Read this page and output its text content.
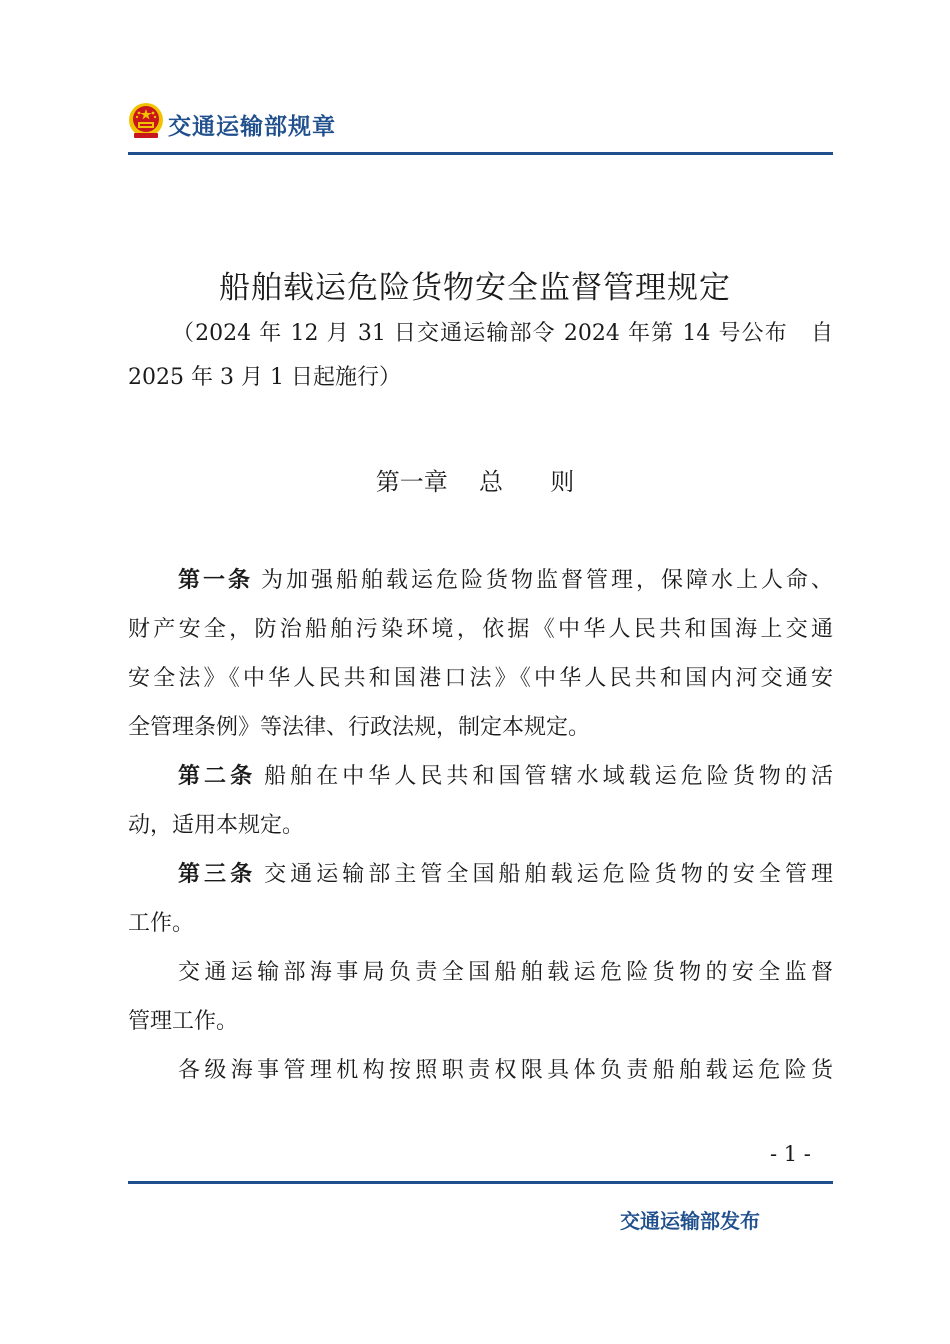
交通运输部规章
船舶载运危险货物安全监督管理规定
（2024 年 12 月 31 日交通运输部令 2024 年第 14 号公布　自
2025 年 3 月 1 日起施行）
第一章 总 则
第一条 为加强船舶载运危险货物监督管理，保障水上人命、
财产安全，防治船舶污染环境，依据《中华人民共和国海上交通
安全法》《中华人民共和国港口法》《中华人民共和国内河交通安
全管理条例》等法律、行政法规，制定本规定。
第二条 船舶在中华人民共和国管辖水域载运危险货物的活
动，适用本规定。
第三条 交通运输部主管全国船舶载运危险货物的安全管理
工作。
交通运输部海事局负责全国船舶载运危险货物的安全监督
管理工作。
各级海事管理机构按照职责权限具体负责船舶载运危险货
- 1 -
交通运输部发布
